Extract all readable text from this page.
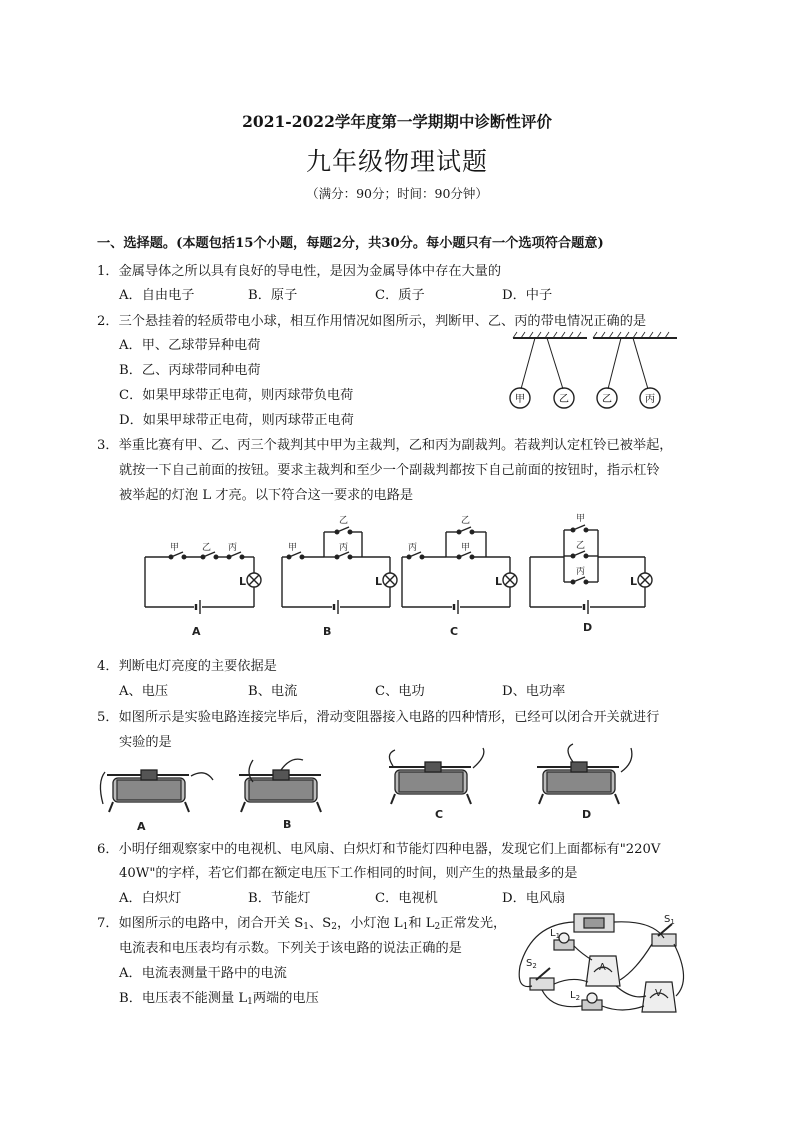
2021-2022学年度第一学期期中诊断性评价
九年级物理试题
（满分：90分；时间：90分钟）
一、选择题。(本题包括15个小题，每题2分，共30分。每小题只有一个选项符合题意)
1．金属导体之所以具有良好的导电性，是因为金属导体中存在大量的
A．自由电子	B．原子	C．质子	D．中子
2．三个悬挂着的轻质带电小球，相互作用情况如图所示，判断甲、乙、丙的带电情况正确的是
A．甲、乙球带异种电荷
B．乙、丙球带同种电荷
C．如果甲球带正电荷，则丙球带负电荷
D．如果甲球带正电荷，则丙球带正电荷
甲	乙	乙	丙
3．举重比赛有甲、乙、丙三个裁判其中甲为主裁判，乙和丙为副裁判。若裁判认定杠铃已被举起，
就按一下自己前面的按钮。要求主裁判和至少一个副裁判都按下自己前面的按钮时，指示杠铃
被举起的灯泡 L 才亮。以下符合这一要求的电路是
甲	乙 丙	甲
乙
丙	丙
乙
甲
甲
乙
丙
L	L	L	L
A	B	C	D
4．判断电灯亮度的主要依据是
A、电压	B、电流	C、电功	D、电功率
5．如图所示是实验电路连接完毕后，滑动变阻器接入电路的四种情形，已经可以闭合开关就进行
实验的是
A	B
C	D
6．小明仔细观察家中的电视机、电风扇、白炽灯和节能灯四种电器，发现它们上面都标有"220V
40W"的字样，若它们都在额定电压下工作相同的时间，则产生的热量最多的是
A．白炽灯	B．节能灯	C．电视机	D．电风扇
7．如图所示的电路中，闭合开关 $S_1$、$S_2$，小灯泡 $L_1$和 $L_2$正常发光，
电流表和电压表均有示数。下列关于该电路的说法正确的是
A．电流表测量干路中的电流
B．电压表不能测量 $L_1$两端的电压
$S_1$
$L_1$
$S_2$
$L_2$
A
V
